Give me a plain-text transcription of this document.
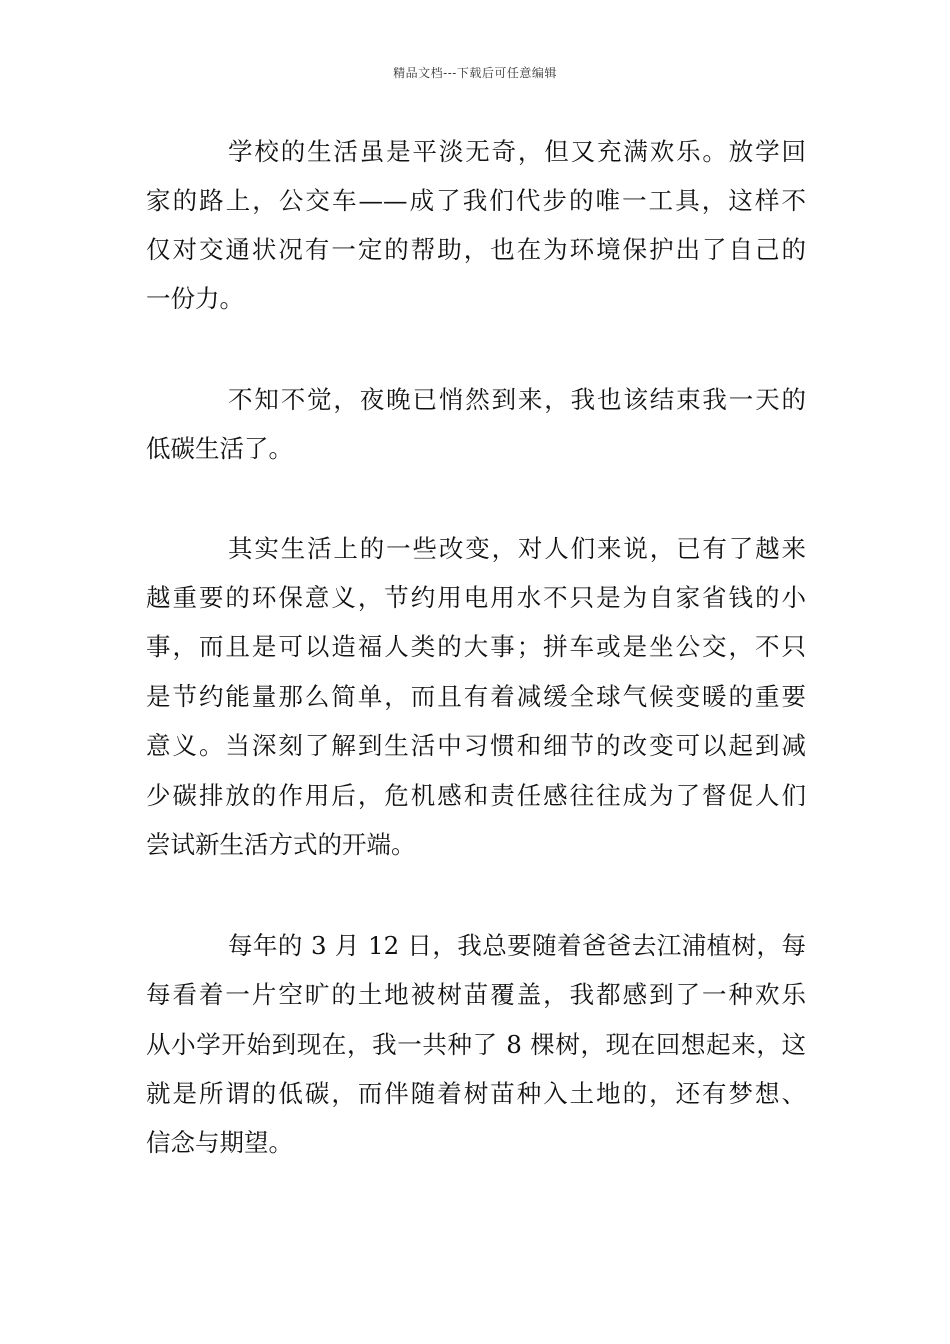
精品文档---下载后可任意编辑
学校的生活虽是平淡无奇，但又充满欢乐。放学回
家的路上，公交车——成了我们代步的唯一工具，这样不
仅对交通状况有一定的帮助，也在为环境保护出了自己的
一份力。
不知不觉，夜晚已悄然到来，我也该结束我一天的
低碳生活了。
其实生活上的一些改变，对人们来说，已有了越来
越重要的环保意义，节约用电用水不只是为自家省钱的小
事，而且是可以造福人类的大事；拼车或是坐公交，不只
是节约能量那么简单，而且有着减缓全球气候变暖的重要
意义。当深刻了解到生活中习惯和细节的改变可以起到减
少碳排放的作用后，危机感和责任感往往成为了督促人们
尝试新生活方式的开端。
每年的 3 月 12 日，我总要随着爸爸去江浦植树，每
每看着一片空旷的土地被树苗覆盖，我都感到了一种欢乐
从小学开始到现在，我一共种了 8 棵树，现在回想起来，这
就是所谓的低碳，而伴随着树苗种入土地的，还有梦想、
信念与期望。
